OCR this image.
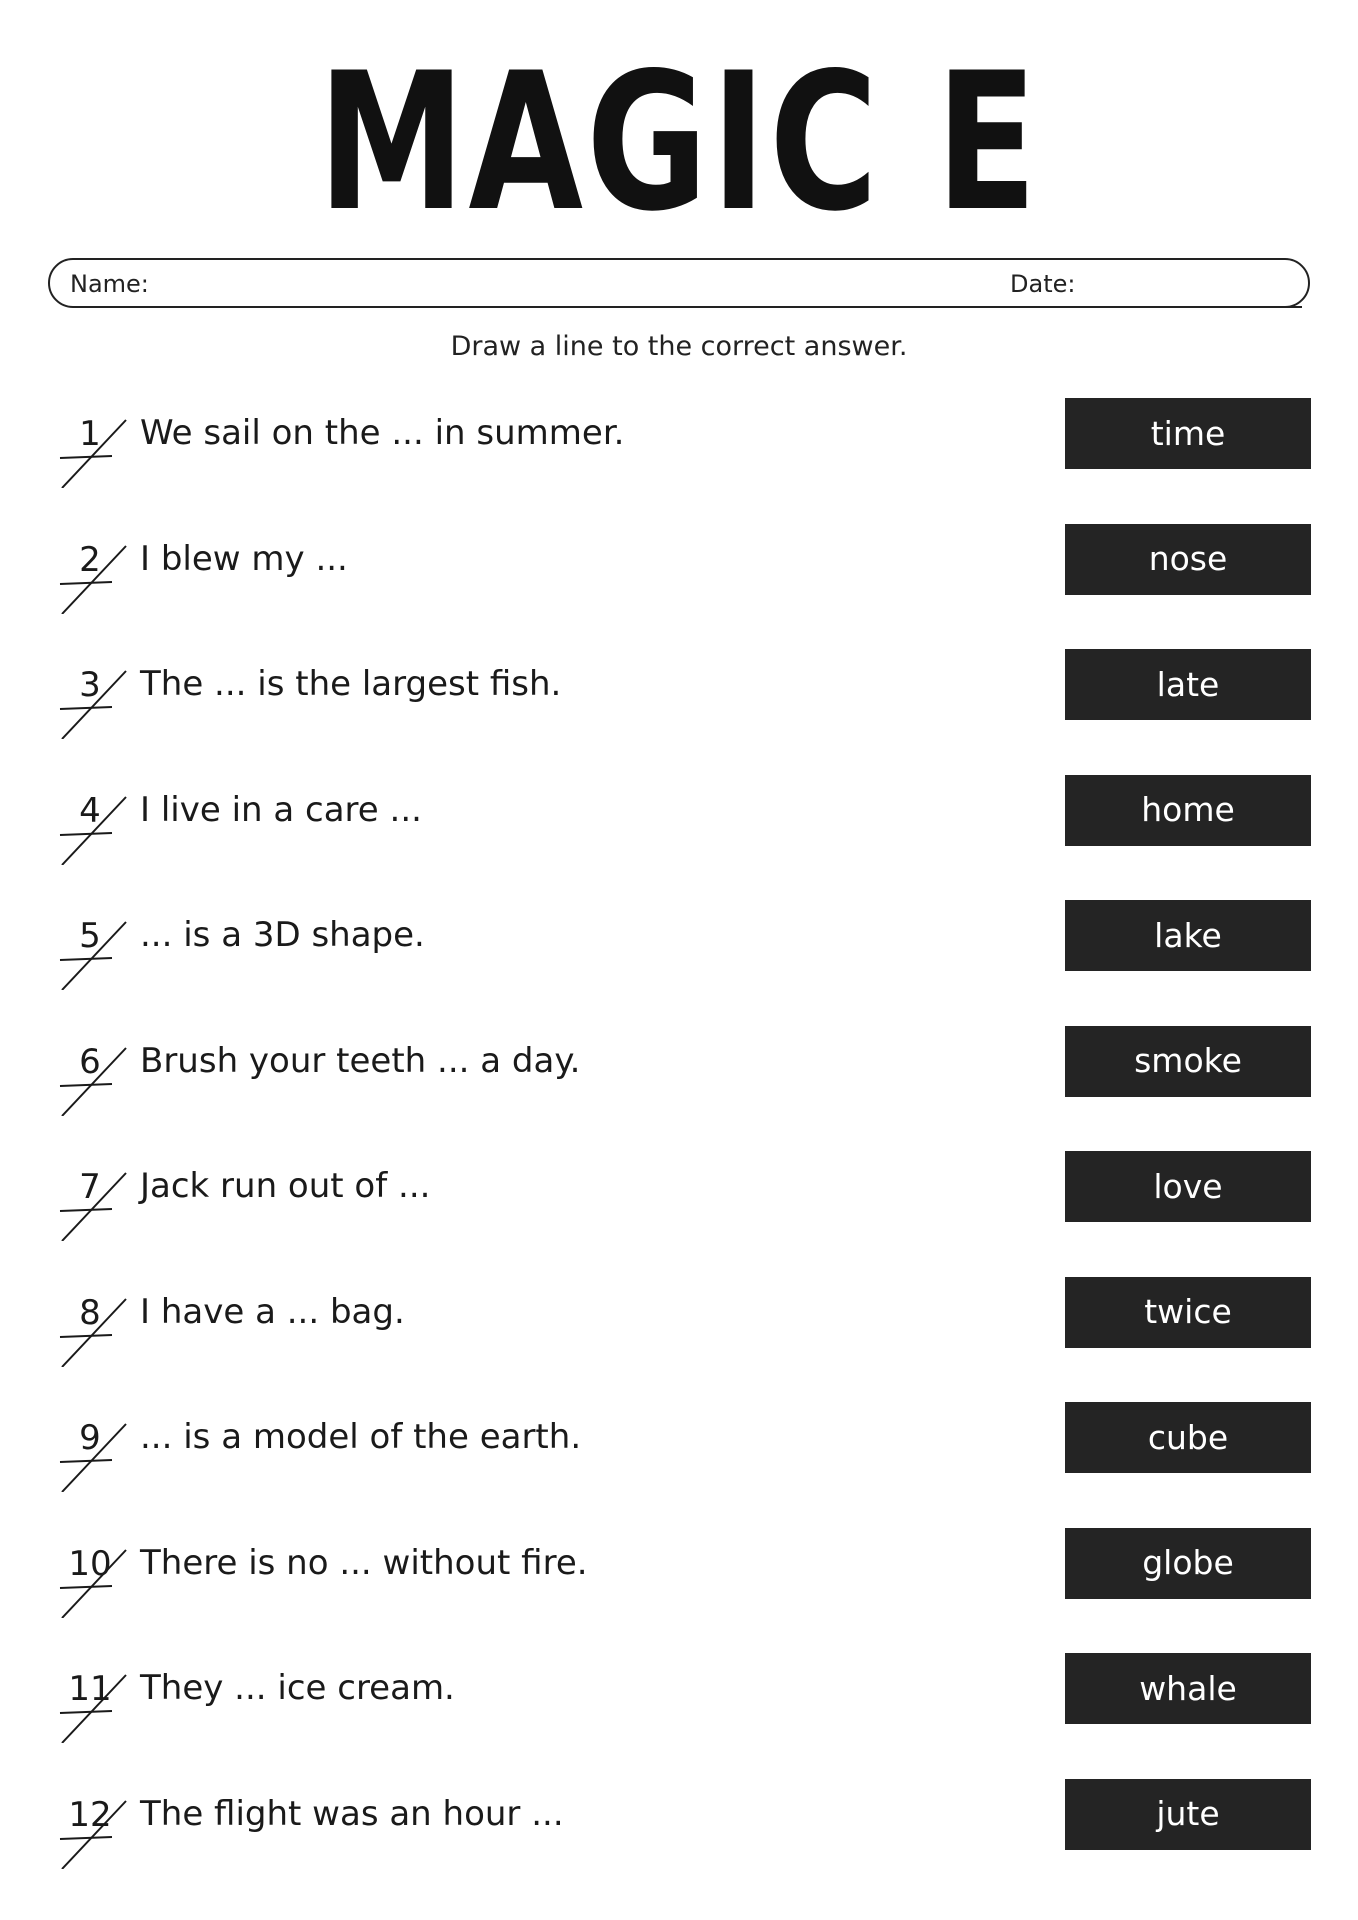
MAGIC E
Name:	Date:
Draw a line to the correct answer.
1	We sail on the ... in summer.	time
2	I blew my ...	nose
3	The ... is the largest fish.	late
4	I live in a care ...	home
5	... is a 3D shape.	lake
6	Brush your teeth ... a day.	smoke
7	Jack run out of ...	love
8	I have a ... bag.	twice
9	... is a model of the earth.	cube
10 There is no ... without fire.	globe
11 They ... ice cream.	whale
12 The flight was an hour ...	jute
